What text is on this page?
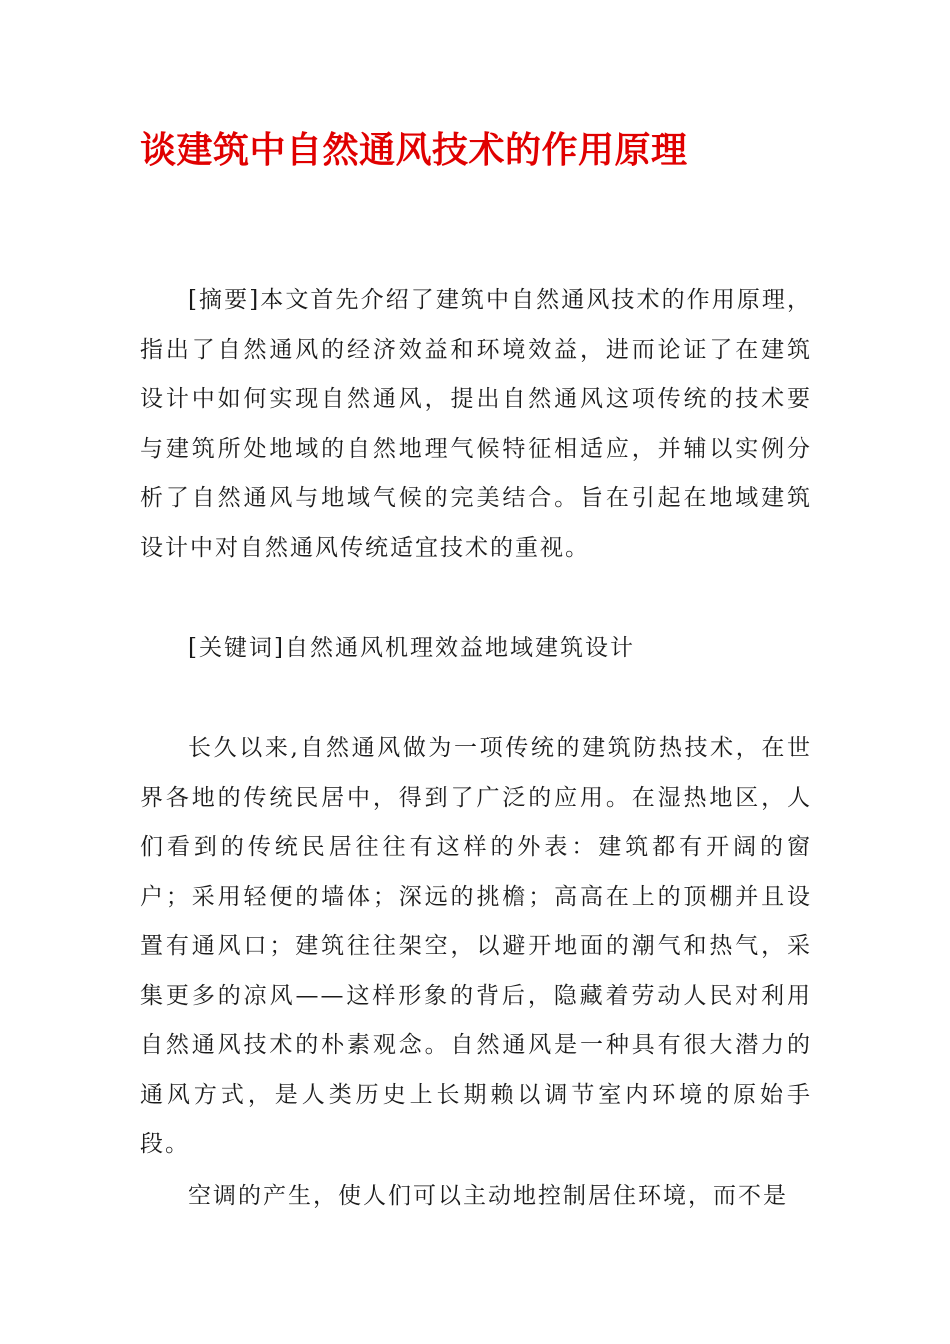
谈建筑中自然通风技术的作用原理

[摘要]本文首先介绍了建筑中自然通风技术的作用原理，指出了自然通风的经济效益和环境效益，进而论证了在建筑设计中如何实现自然通风，提出自然通风这项传统的技术要与建筑所处地域的自然地理气候特征相适应，并辅以实例分析了自然通风与地域气候的完美结合。旨在引起在地域建筑设计中对自然通风传统适宜技术的重视。

[关键词]自然通风机理效益地域建筑设计

长久以来,自然通风做为一项传统的建筑防热技术，在世界各地的传统民居中，得到了广泛的应用。在湿热地区，人们看到的传统民居往往有这样的外表：建筑都有开阔的窗户；采用轻便的墙体；深远的挑檐；高高在上的顶棚并且设置有通风口；建筑往往架空，以避开地面的潮气和热气，采集更多的凉风——这样形象的背后，隐藏着劳动人民对利用自然通风技术的朴素观念。自然通风是一种具有很大潜力的通风方式，是人类历史上长期赖以调节室内环境的原始手段。

空调的产生，使人们可以主动地控制居住环境，而不是
